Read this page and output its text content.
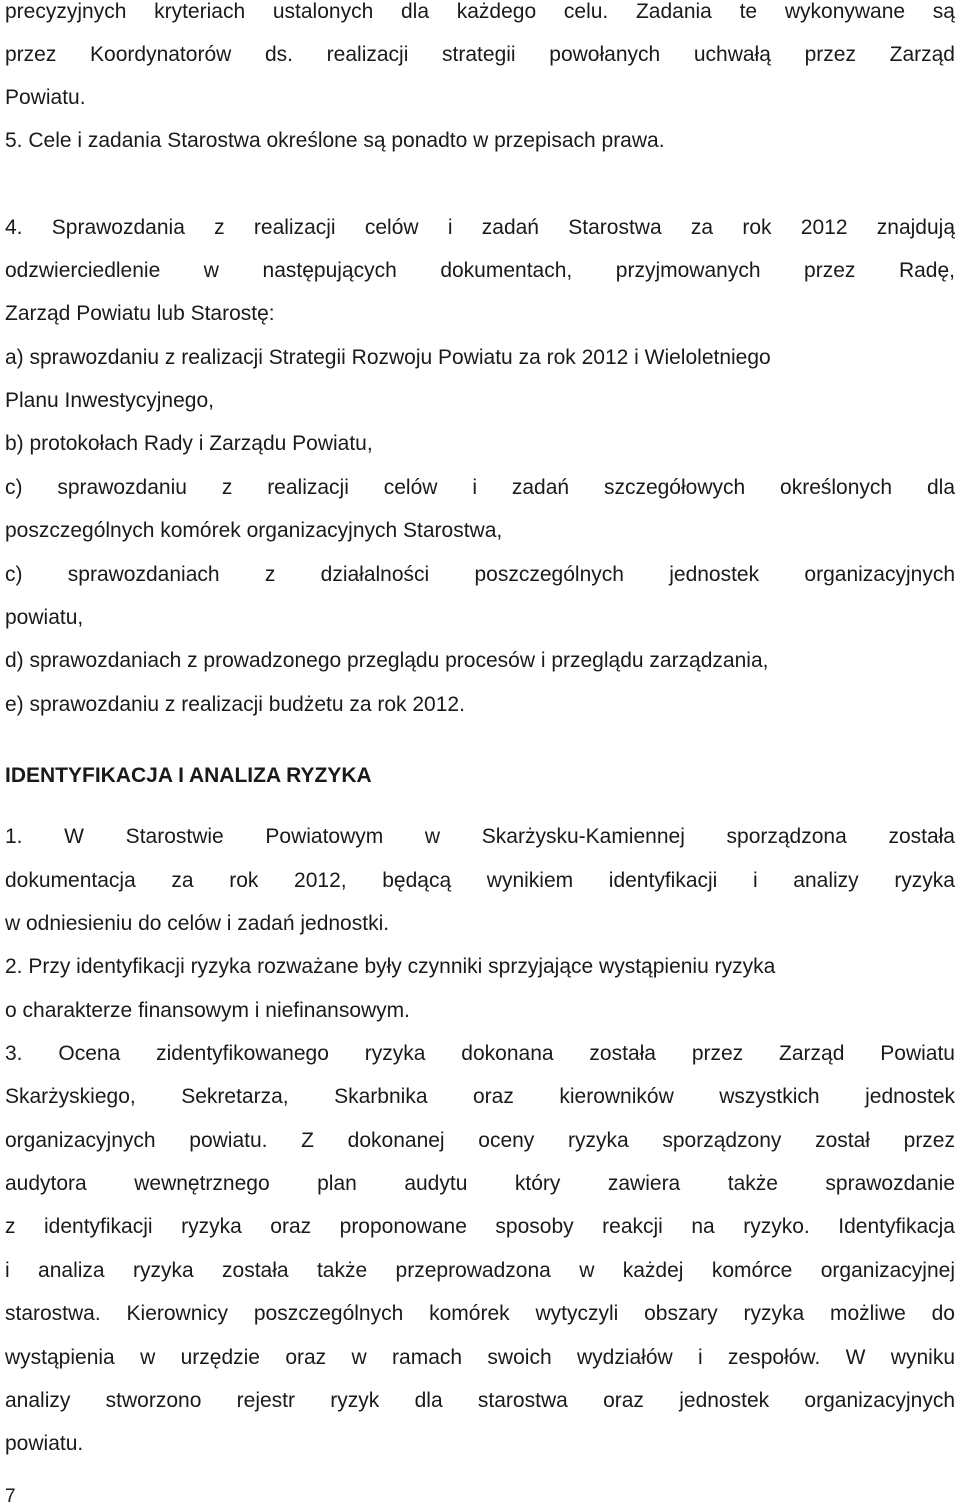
precyzyjnych kryteriach ustalonych dla każdego celu. Zadania te wykonywane są
przez Koordynatorów ds. realizacji strategii powołanych uchwałą przez Zarząd
Powiatu.
5. Cele i zadania Starostwa określone są ponadto w przepisach prawa.
4. Sprawozdania z realizacji celów i zadań Starostwa za rok 2012 znajdują
odzwierciedlenie w następujących dokumentach, przyjmowanych przez Radę,
Zarząd Powiatu lub Starostę:
a) sprawozdaniu z realizacji Strategii Rozwoju Powiatu za rok 2012 i Wieloletniego
Planu Inwestycyjnego,
b) protokołach Rady i Zarządu Powiatu,
c) sprawozdaniu z realizacji celów i zadań szczegółowych określonych dla
poszczególnych komórek organizacyjnych Starostwa,
c) sprawozdaniach z działalności poszczególnych jednostek organizacyjnych
powiatu,
d) sprawozdaniach z prowadzonego przeglądu procesów i przeglądu zarządzania,
e) sprawozdaniu z realizacji budżetu za rok 2012.
IDENTYFIKACJA I ANALIZA RYZYKA
1. W Starostwie Powiatowym w Skarżysku-Kamiennej sporządzona została
dokumentacja za rok 2012, będącą wynikiem identyfikacji i analizy ryzyka
w odniesieniu do celów i zadań jednostki.
2. Przy identyfikacji ryzyka rozważane były czynniki sprzyjające wystąpieniu ryzyka
o charakterze finansowym i niefinansowym.
3. Ocena zidentyfikowanego ryzyka dokonana została przez Zarząd Powiatu
Skarżyskiego, Sekretarza, Skarbnika oraz kierowników wszystkich jednostek
organizacyjnych powiatu. Z dokonanej oceny ryzyka sporządzony został przez
audytora wewnętrznego plan audytu który zawiera także sprawozdanie
z identyfikacji ryzyka oraz proponowane sposoby reakcji na ryzyko. Identyfikacja
i analiza ryzyka została także przeprowadzona w każdej komórce organizacyjnej
starostwa. Kierownicy poszczególnych komórek wytyczyli obszary ryzyka możliwe do
wystąpienia w urzędzie oraz w ramach swoich wydziałów i zespołów. W wyniku
analizy stworzono rejestr ryzyk dla starostwa oraz jednostek organizacyjnych
powiatu.
7
